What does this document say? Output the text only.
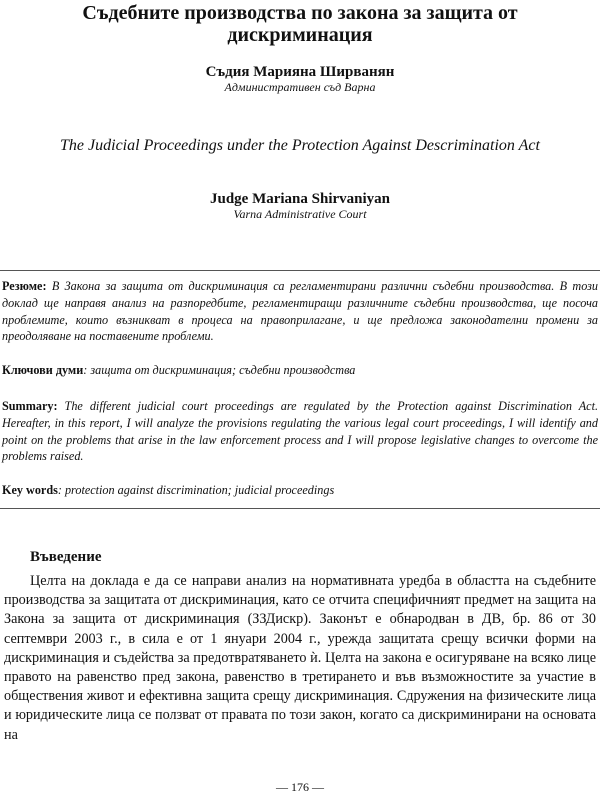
Съдебните производства по закона за защита от дискриминация
Съдия Марияна Ширванян
Административен съд Варна
The Judicial Proceedings under the Protection Against Descrimination Act
Judge Mariana Shirvaniyan
Varna Administrative Court

Резюме: В Закона за защита от дискриминация са регламентирани различни съдебни производства. В този доклад ще направя анализ на разпоредбите, регламентиращи различните съдебни производства, ще посоча проблемите, които възникват в процеса на правоприлагане, и ще предложа законодателни промени за преодоляване на поставените проблеми.

Ключови думи: защита от дискриминация; съдебни производства

Summary: The different judicial court proceedings are regulated by the Protection against Discrimination Act. Hereafter, in this report, I will analyze the provisions regulating the various legal court proceedings, I will identify and point on the problems that arise in the law enforcement process and I will propose legislative changes to overcome the problems raised.

Key words: protection against discrimination; judicial proceedings

Въведение

Целта на доклада е да се направи анализ на нормативната уредба в областта на съдебните производства за защитата от дискриминация, като се отчита специфичният предмет на защита на Закона за защита от дискриминация (ЗЗДискр). Законът е обнародван в ДВ, бр. 86 от 30 септември 2003 г., в сила е от 1 януари 2004 г., урежда защитата срещу всички форми на дискриминация и съдействa за предотвратяването ѝ. Целта на закона е осигуряване на всяко лице правото на равенство пред закона, равенство в третирането и във възможностите за участие в обществения живот и ефективна защита срещу дискриминация. Сдружения на физическите лица и юридическите лица се ползват от правата по този закон, когато са дискриминирани на основата на

— 176 —
